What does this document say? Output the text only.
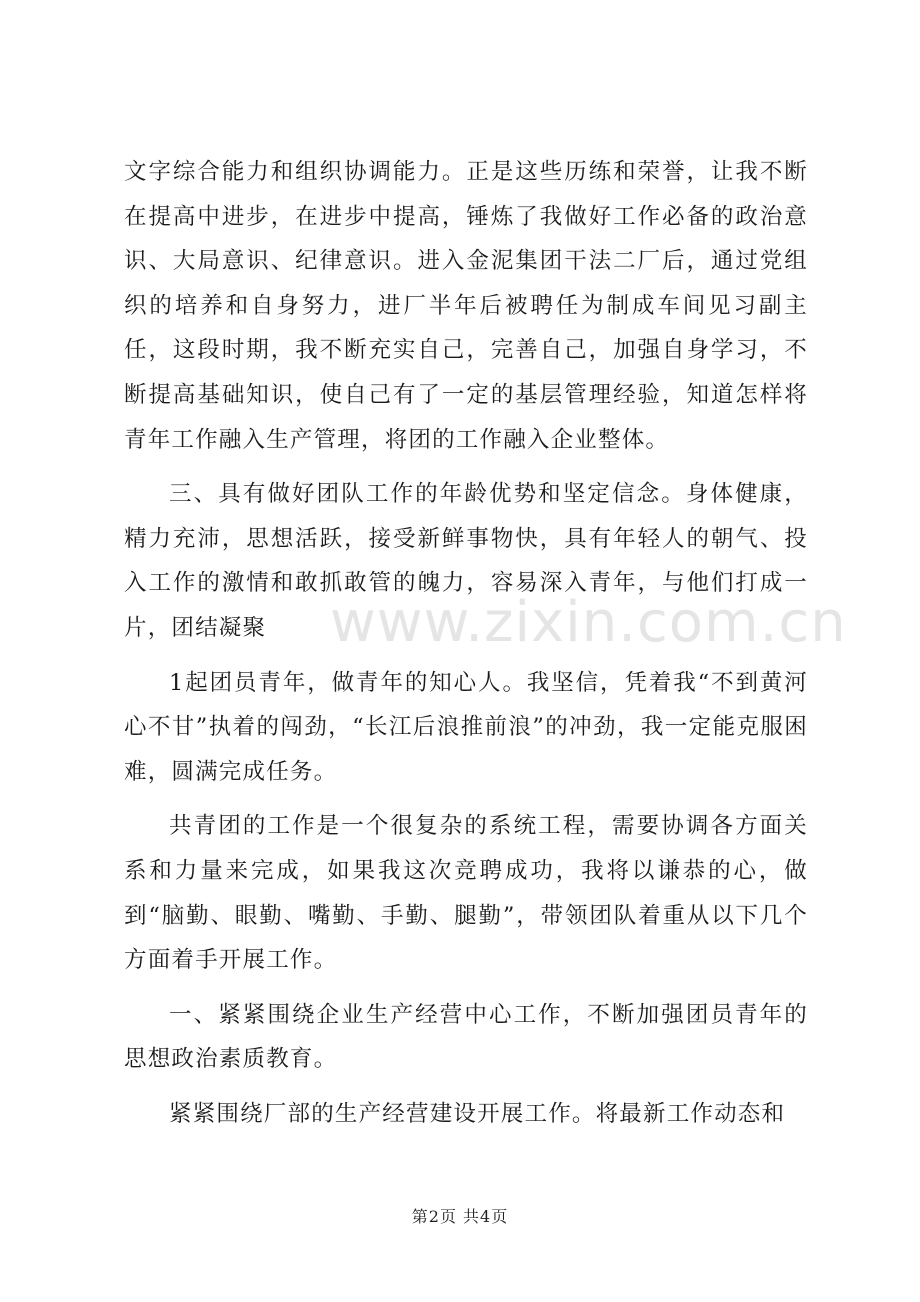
文字综合能力和组织协调能力。正是这些历练和荣誉，让我不断在提高中进步，在进步中提高，锤炼了我做好工作必备的政治意识、大局意识、纪律意识。进入金泥集团干法二厂后，通过党组织的培养和自身努力，进厂半年后被聘任为制成车间见习副主任，这段时期，我不断充实自己，完善自己，加强自身学习，不断提高基础知识，使自己有了一定的基层管理经验，知道怎样将青年工作融入生产管理，将团的工作融入企业整体。

三、具有做好团队工作的年龄优势和坚定信念。身体健康，精力充沛，思想活跃，接受新鲜事物快，具有年轻人的朝气、投入工作的激情和敢抓敢管的魄力，容易深入青年，与他们打成一片，团结凝聚

1起团员青年，做青年的知心人。我坚信，凭着我“不到黄河心不甘”执着的闯劲，“长江后浪推前浪”的冲劲，我一定能克服困难，圆满完成任务。

共青团的工作是一个很复杂的系统工程，需要协调各方面关系和力量来完成，如果我这次竞聘成功，我将以谦恭的心，做到“脑勤、眼勤、嘴勤、手勤、腿勤”，带领团队着重从以下几个方面着手开展工作。

一、紧紧围绕企业生产经营中心工作，不断加强团员青年的思想政治素质教育。

紧紧围绕厂部的生产经营建设开展工作。将最新工作动态和

www.zixin.com.cn
第2页 共4页
